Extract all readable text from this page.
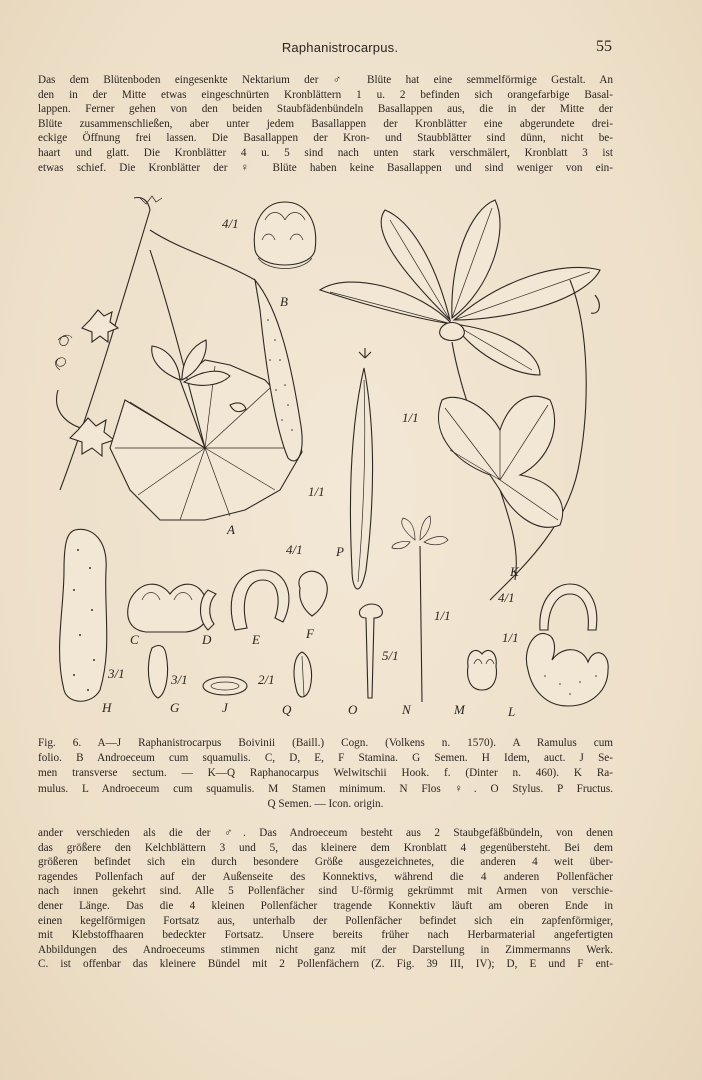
Raphanistrocarpus.	55

Das dem Blütenboden eingesenkte Nektarium der ♂ Blüte hat eine semmelförmige Gestalt. An
den in der Mitte etwas eingeschnürten Kronblättern 1 u. 2 befinden sich orangefarbige Basal-
lappen. Ferner gehen von den beiden Staubfädenbündeln Basallappen aus, die in der Mitte der
Blüte zusammenschließen, aber unter jedem Basallappen der Kronblätter eine abgerundete drei-
eckige Öffnung frei lassen. Die Basallappen der Kron- und Staubblätter sind dünn, nicht be-
haart und glatt. Die Kronblätter 4 u. 5 sind nach unten stark verschmälert, Kronblatt 3 ist
etwas schief. Die Kronblätter der ♀ Blüte haben keine Basallappen und sind weniger von ein-

A
4/1
B
K
1/1
P
1/1
4/1
H
3/1
C	D	E	F
G
3/1
J
2/1
Q	O
5/1
N
1/1
M	L
1/1
4/1

Fig. 6. A—J Raphanistrocarpus Boivinii (Baill.) Cogn. (Volkens n. 1570). A Ramulus cum
folio. B Androeceum cum squamulis. C, D, E, F Stamina. G Semen. H Idem, auct. J Se-
men transverse sectum. — K—Q Raphanocarpus Welwitschii Hook. f. (Dinter n. 460). K Ra-
mulus. L Androeceum cum squamulis. M Stamen minimum. N Flos ♀. O Stylus. P Fructus.
Q Semen. — Icon. origin.

ander verschieden als die der ♂. Das Androeceum besteht aus 2 Staubgefäßbündeln, von denen
das größere den Kelchblättern 3 und 5, das kleinere dem Kronblatt 4 gegenübersteht. Bei dem
größeren befindet sich ein durch besondere Größe ausgezeichnetes, die anderen 4 weit über-
ragendes Pollenfach auf der Außenseite des Konnektivs, während die 4 anderen Pollenfächer
nach innen gekehrt sind. Alle 5 Pollenfächer sind U-förmig gekrümmt mit Armen von verschie-
dener Länge. Das die 4 kleinen Pollenfächer tragende Konnektiv läuft am oberen Ende in
einen kegelförmigen Fortsatz aus, unterhalb der Pollenfächer befindet sich ein zapfenförmiger,
mit Klebstoffhaaren bedeckter Fortsatz. Unsere bereits früher nach Herbarmaterial angefertigten
Abbildungen des Androeceums stimmen nicht ganz mit der Darstellung in Zimmermanns Werk.
C. ist offenbar das kleinere Bündel mit 2 Pollenfächern (Z. Fig. 39 III, IV); D, E und F ent-
